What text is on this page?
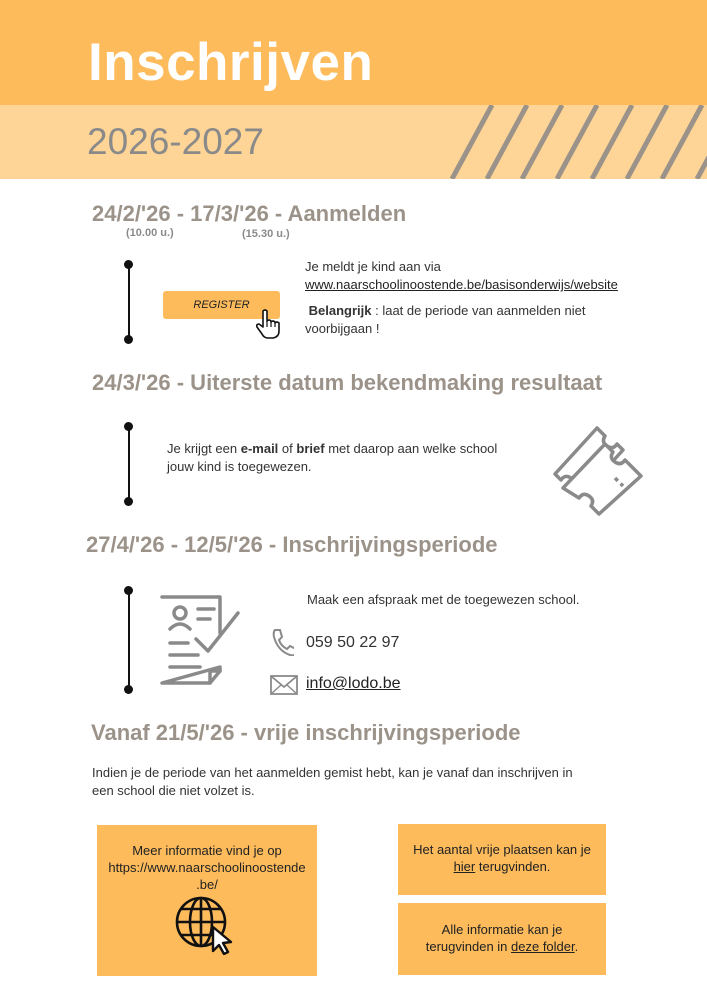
Inschrijven
2026-2027
24/2/'26 - 17/3/'26 - Aanmelden
(10.00 u.)	(15.30 u.)
REGISTER
Je meldt je kind aan via
www.naarschoolinoostende.be/basisonderwijs/website
Belangrijk : laat de periode van aanmelden niet
voorbijgaan !
24/3/'26 - Uiterste datum bekendmaking resultaat
Je krijgt een e-mail of brief met daarop aan welke school
jouw kind is toegewezen.
27/4/'26 - 12/5/'26 - Inschrijvingsperiode
Maak een afspraak met de toegewezen school.
059 50 22 97
info@lodo.be
Vanaf 21/5/'26 - vrije inschrijvingsperiode
Indien je de periode van het aanmelden gemist hebt, kan je vanaf dan inschrijven in
een school die niet volzet is.
Meer informatie vind je op
https://www.naarschoolinoostende
.be/
Het aantal vrije plaatsen kan je
hier terugvinden.
Alle informatie kan je
terugvinden in deze folder.
